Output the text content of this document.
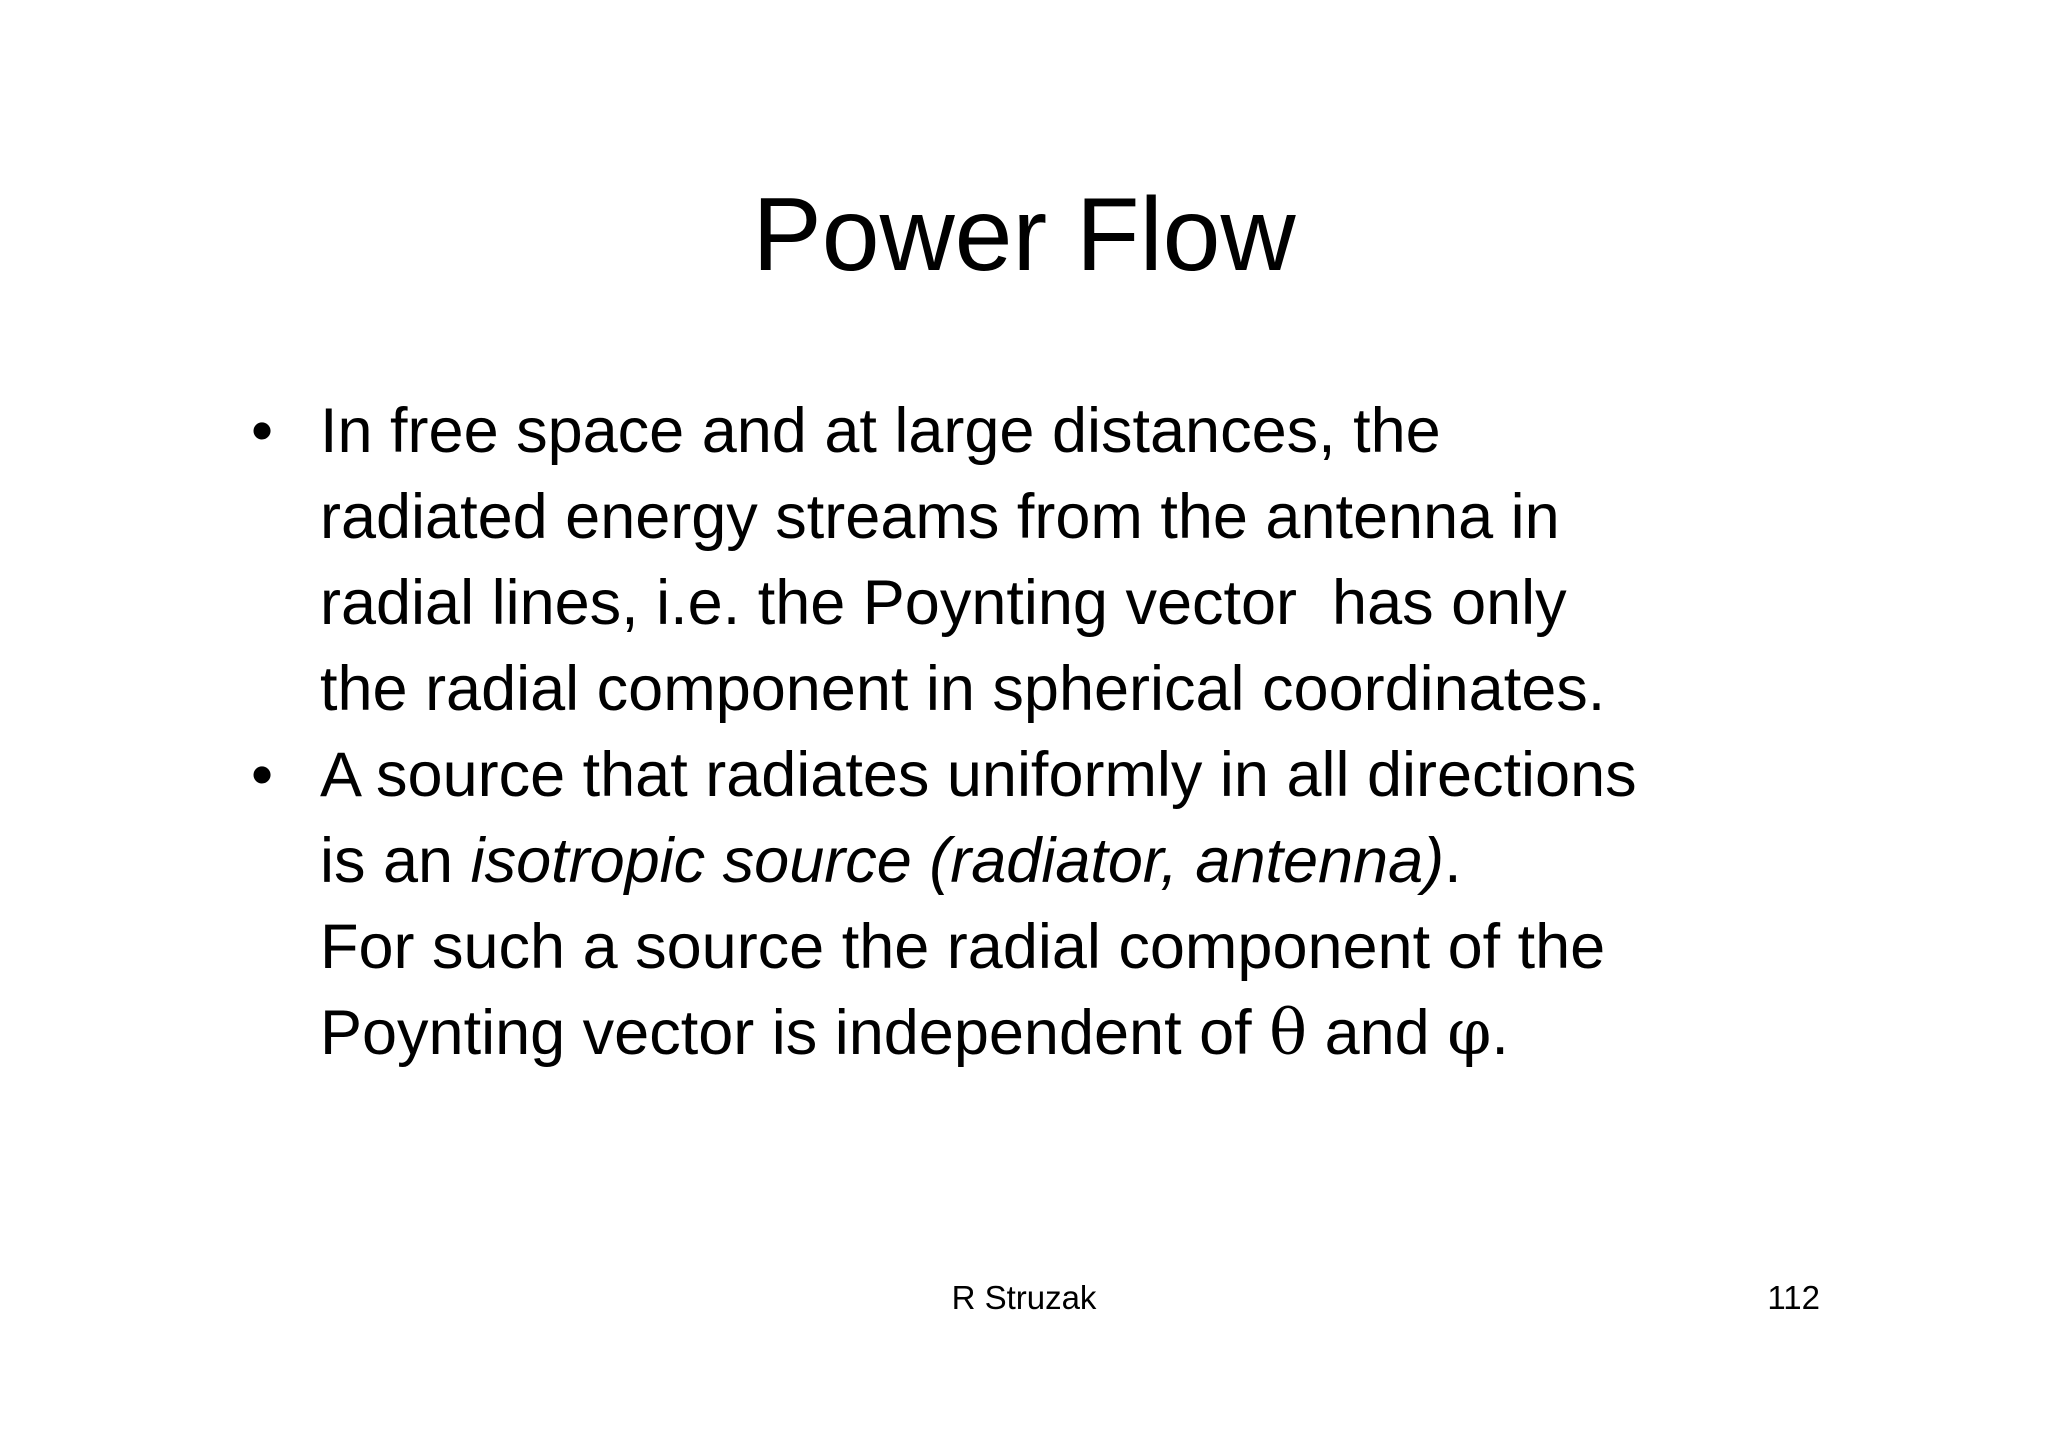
Power Flow
• In free space and at large distances, the
radiated energy streams from the antenna in
radial lines, i.e. the Poynting vector  has only
the radial component in spherical coordinates.
• A source that radiates uniformly in all directions
is an isotropic source (radiator, antenna).
For such a source the radial component of the
Poynting vector is independent of θ and φ.
R Struzak	112
